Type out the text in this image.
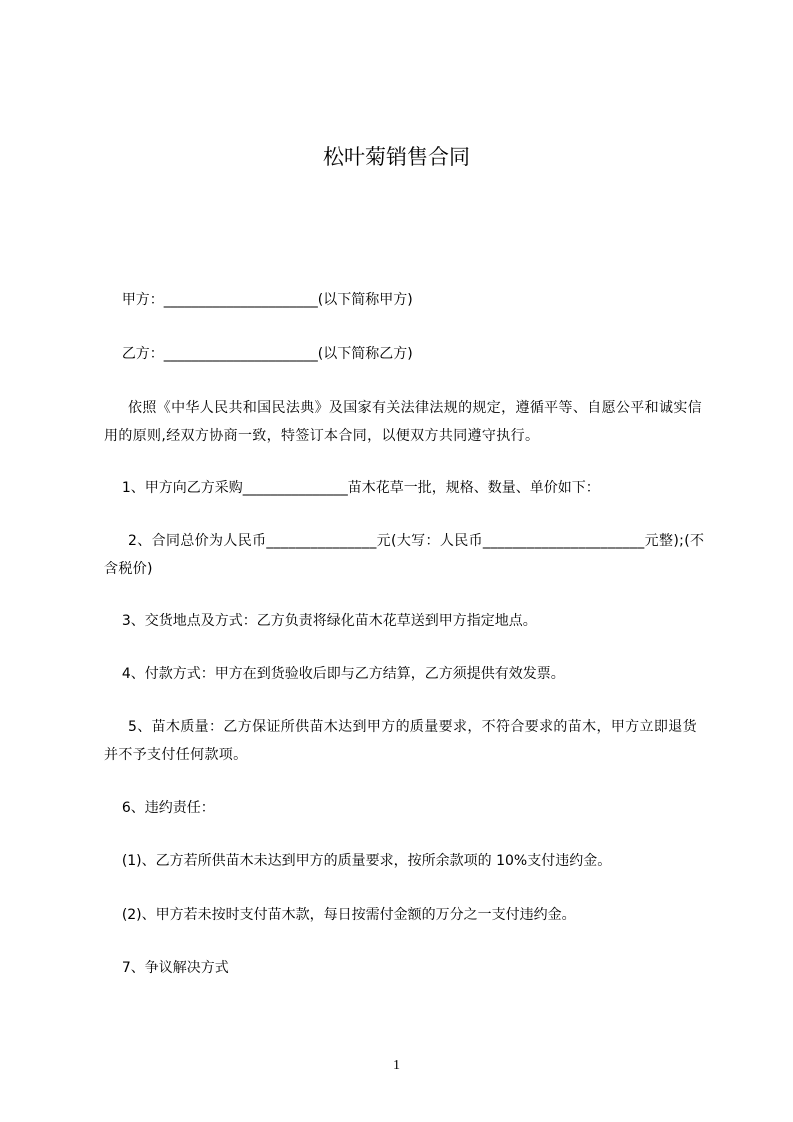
松叶菊销售合同

甲方：______________________(以下简称甲方)

乙方：______________________(以下简称乙方)

依照《中华人民共和国民法典》及国家有关法律法规的规定，遵循平等、自愿公平和诚实信用的原则,经双方协商一致，特签订本合同，以便双方共同遵守执行。

1、甲方向乙方采购_______________苗木花草一批，规格、数量、单价如下：

2、合同总价为人民币_______________元(大写：人民币______________________元整);(不含税价)

3、交货地点及方式：乙方负责将绿化苗木花草送到甲方指定地点。

4、付款方式：甲方在到货验收后即与乙方结算，乙方须提供有效发票。

5、苗木质量：乙方保证所供苗木达到甲方的质量要求，不符合要求的苗木，甲方立即退货并不予支付任何款项。

6、违约责任：

(1)、乙方若所供苗木未达到甲方的质量要求，按所余款项的 10%支付违约金。

(2)、甲方若未按时支付苗木款，每日按需付金额的万分之一支付违约金。

7、争议解决方式

1
